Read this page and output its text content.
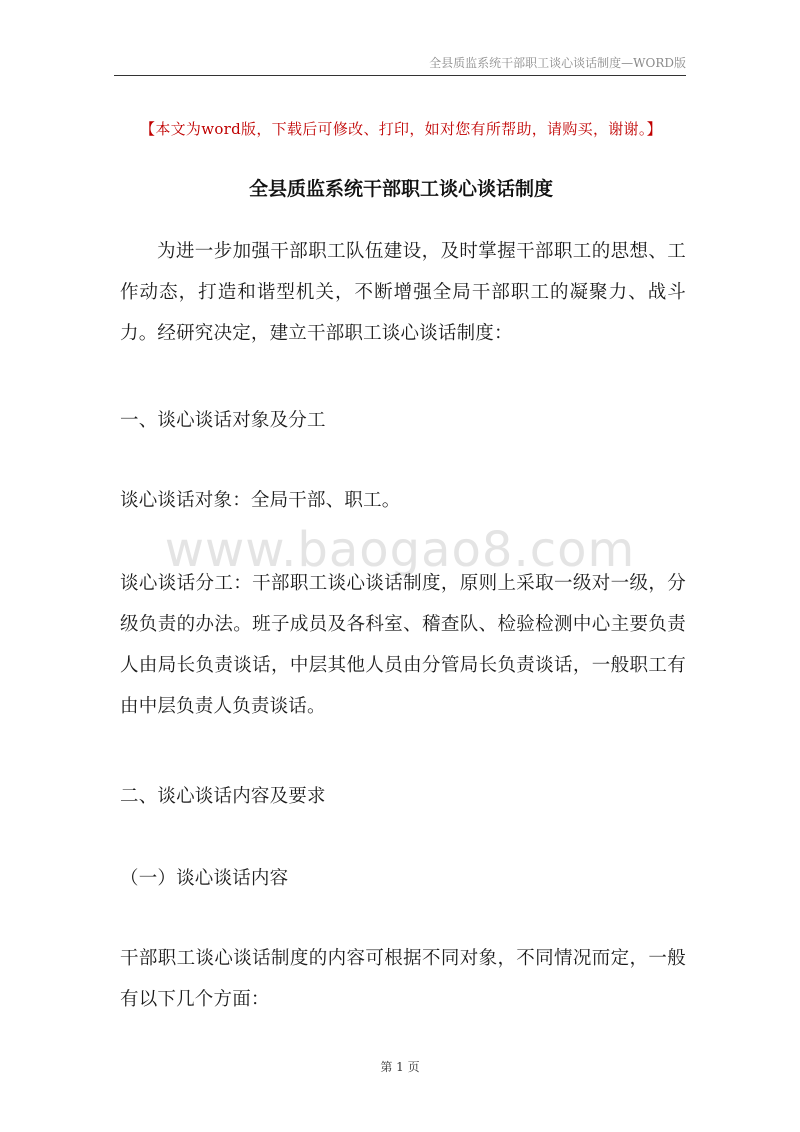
全县质监系统干部职工谈心谈话制度—WORD版
【本文为word版，下载后可修改、打印，如对您有所帮助，请购买，谢谢。】
全县质监系统干部职工谈心谈话制度
为进一步加强干部职工队伍建设，及时掌握干部职工的思想、工作动态，打造和谐型机关，不断增强全局干部职工的凝聚力、战斗力。经研究决定，建立干部职工谈心谈话制度：
一、谈心谈话对象及分工
谈心谈话对象：全局干部、职工。
www.baogao8.com
谈心谈话分工：干部职工谈心谈话制度，原则上采取一级对一级，分级负责的办法。班子成员及各科室、稽查队、检验检测中心主要负责人由局长负责谈话，中层其他人员由分管局长负责谈话，一般职工有由中层负责人负责谈话。
二、谈心谈话内容及要求
（一）谈心谈话内容
干部职工谈心谈话制度的内容可根据不同对象，不同情况而定，一般有以下几个方面：
第 1 页
